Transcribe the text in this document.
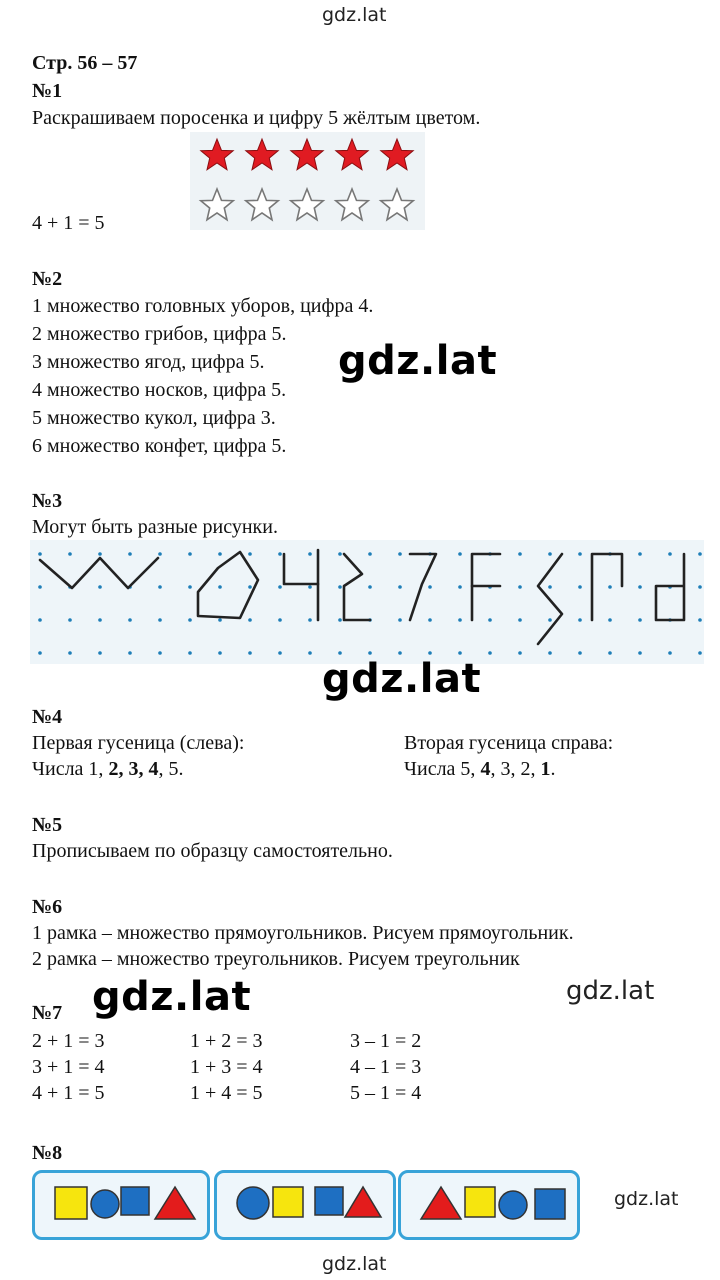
gdz.lat
gdz.lat
Стр. 56 – 57
№1
Раскрашиваем поросенка и цифру 5 жёлтым цветом.
4 + 1 = 5
№2
1 множество головных уборов, цифра 4.
2 множество грибов, цифра 5.
3 множество ягод, цифра 5.
4 множество носков, цифра 5.
5 множество кукол, цифра 3.
6 множество конфет, цифра 5.
gdz.lat
№3
Могут быть разные рисунки.
gdz.lat
№4
Первая гусеница (слева):
Числа 1, 2, 3, 4, 5.
Вторая гусеница справа:
Числа 5, 4, 3, 2, 1.
№5
Прописываем по образцу самостоятельно.
№6
1 рамка – множество прямоугольников. Рисуем прямоугольник.
2 рамка – множество треугольников. Рисуем треугольник
gdz.lat	gdz.lat
№7
2 + 1 = 3
3 + 1 = 4
4 + 1 = 5
1 + 2 = 3
1 + 3 = 4
1 + 4 = 5
3 – 1 = 2
4 – 1 = 3
5 – 1 = 4
№8
gdz.lat
